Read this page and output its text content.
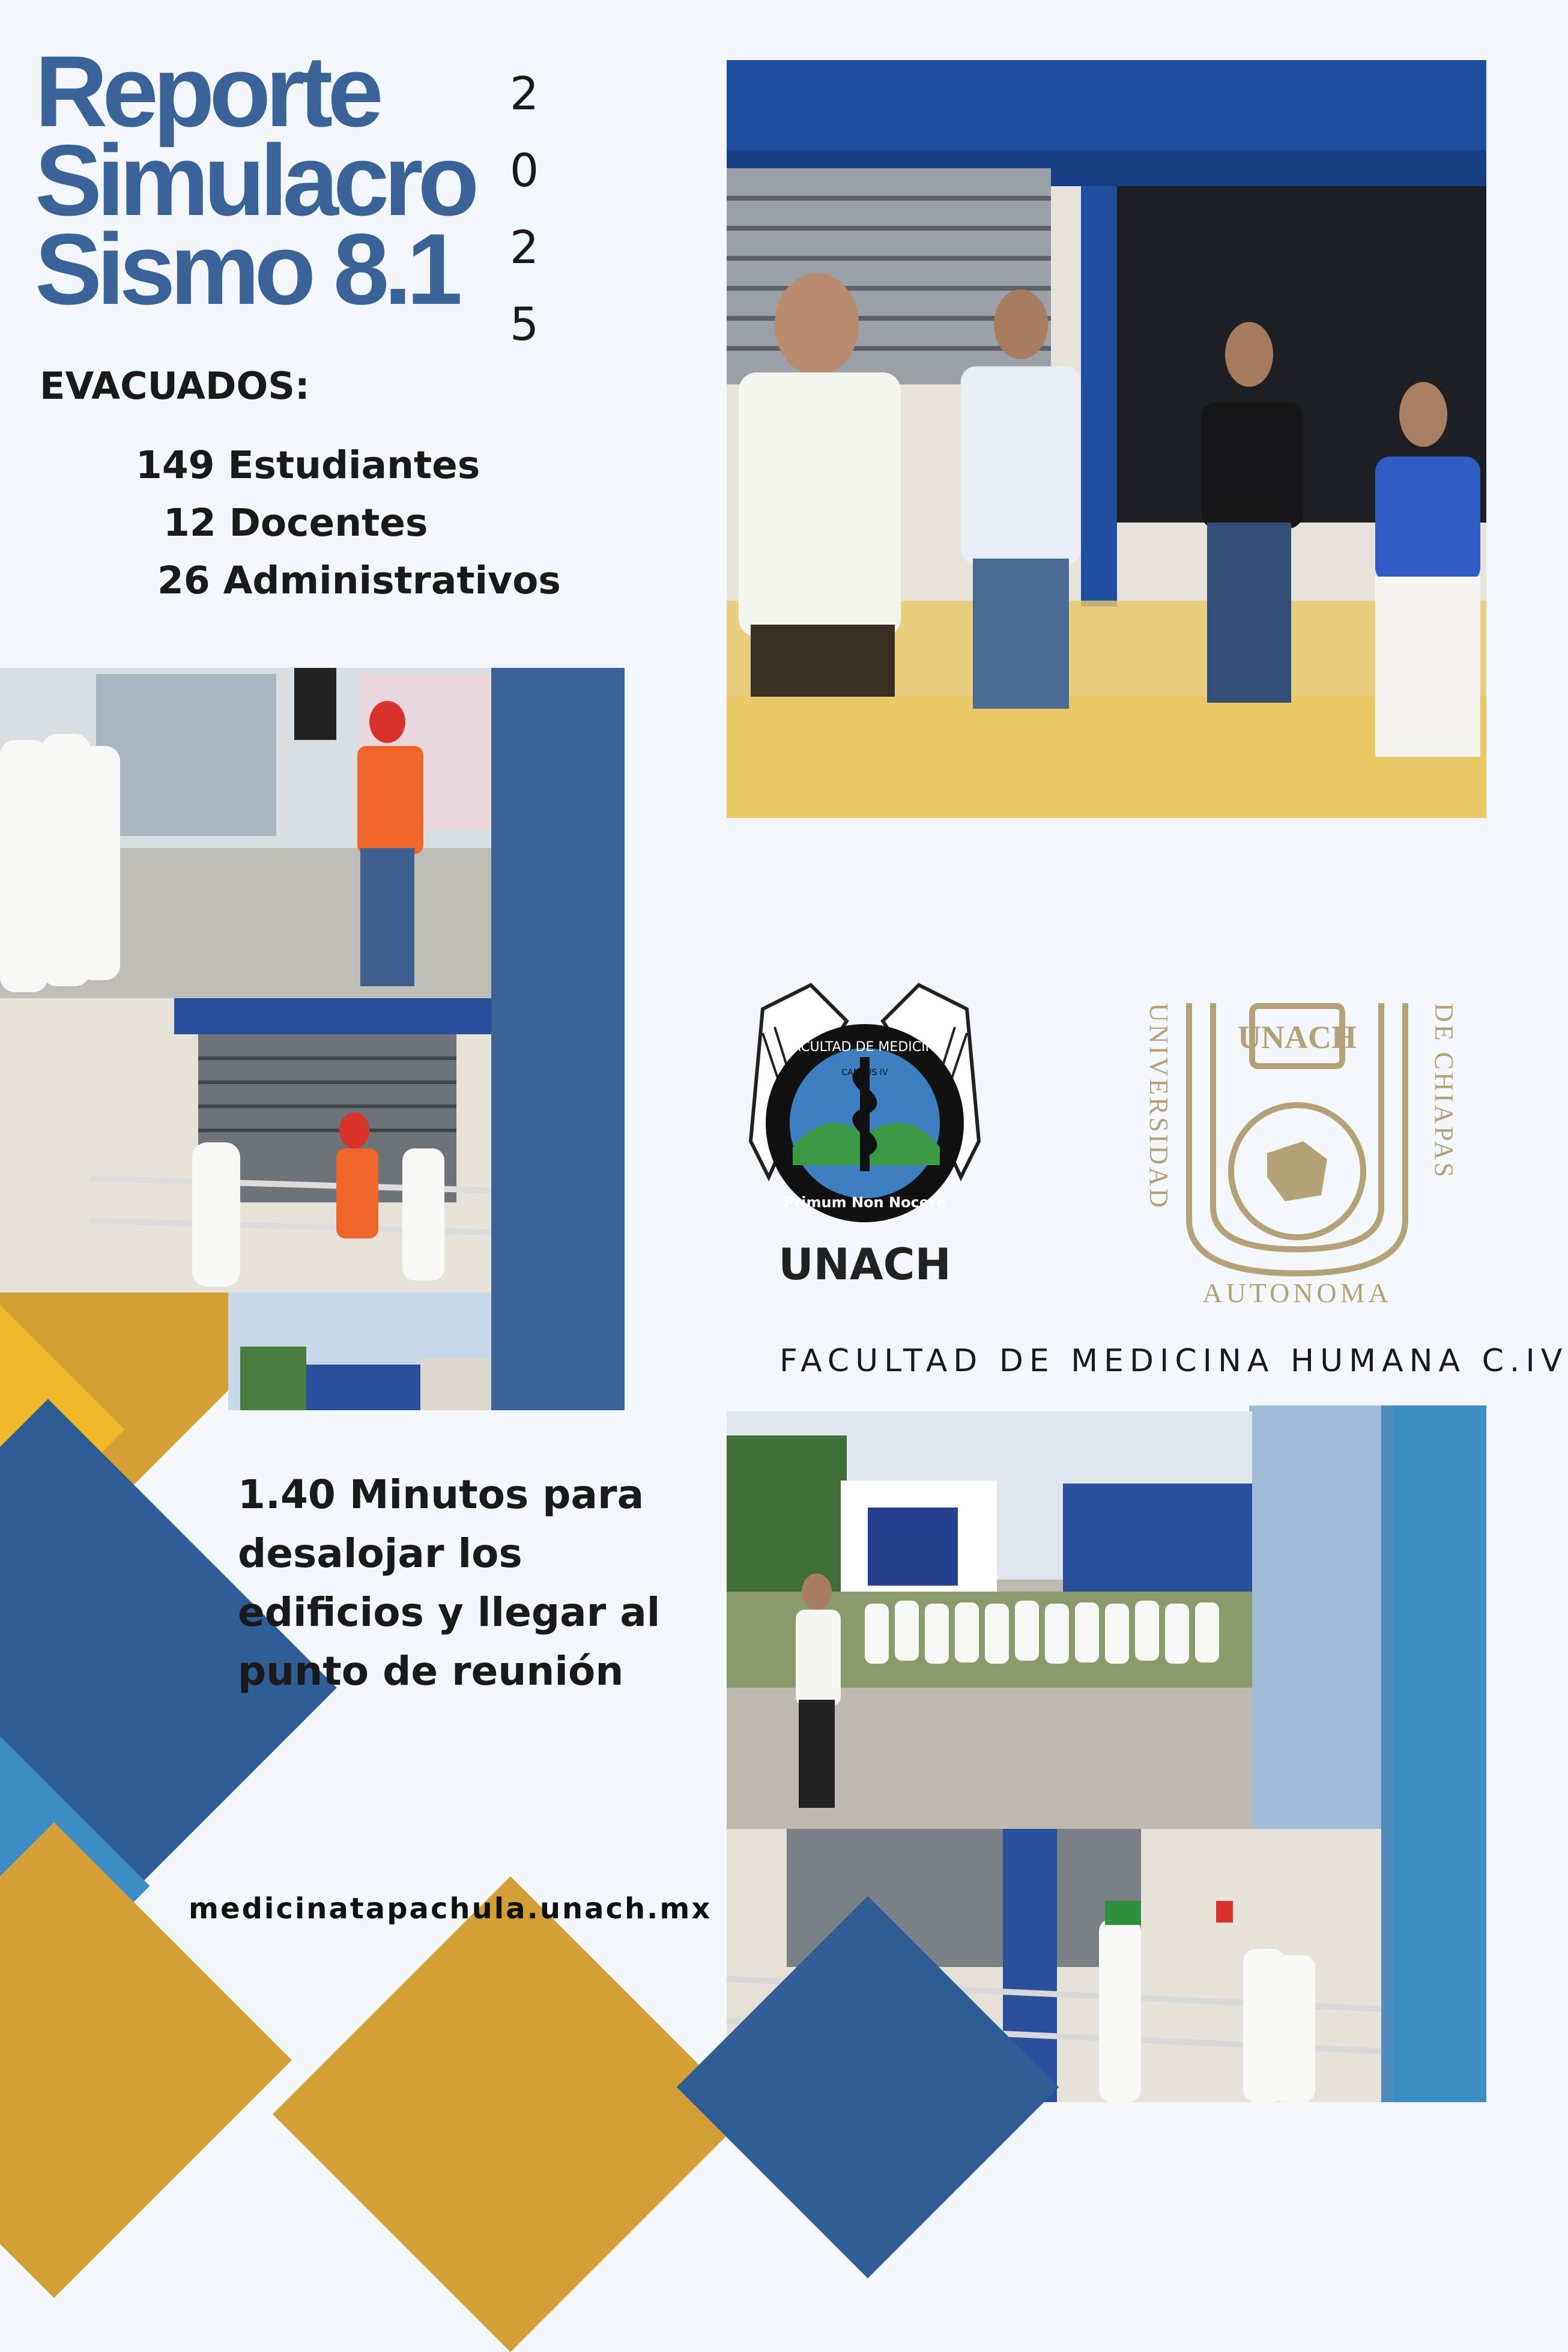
Reporte
Simulacro
Sismo 8.1
2
0
2
5
EVACUADOS:
149 Estudiantes
12 Docentes
26 Administrativos
FACULTAD DE MEDICINA
CAMPUS IV
Primum Non Nocere
UNACH
UNACH
AUTONOMA
UNIVERSIDAD	DE CHIAPAS
FACULTAD DE MEDICINA HUMANA C.IV
1.40 Minutos para desalojar los edificios y llegar al punto de reunión
medicinatapachula.unach.mx
